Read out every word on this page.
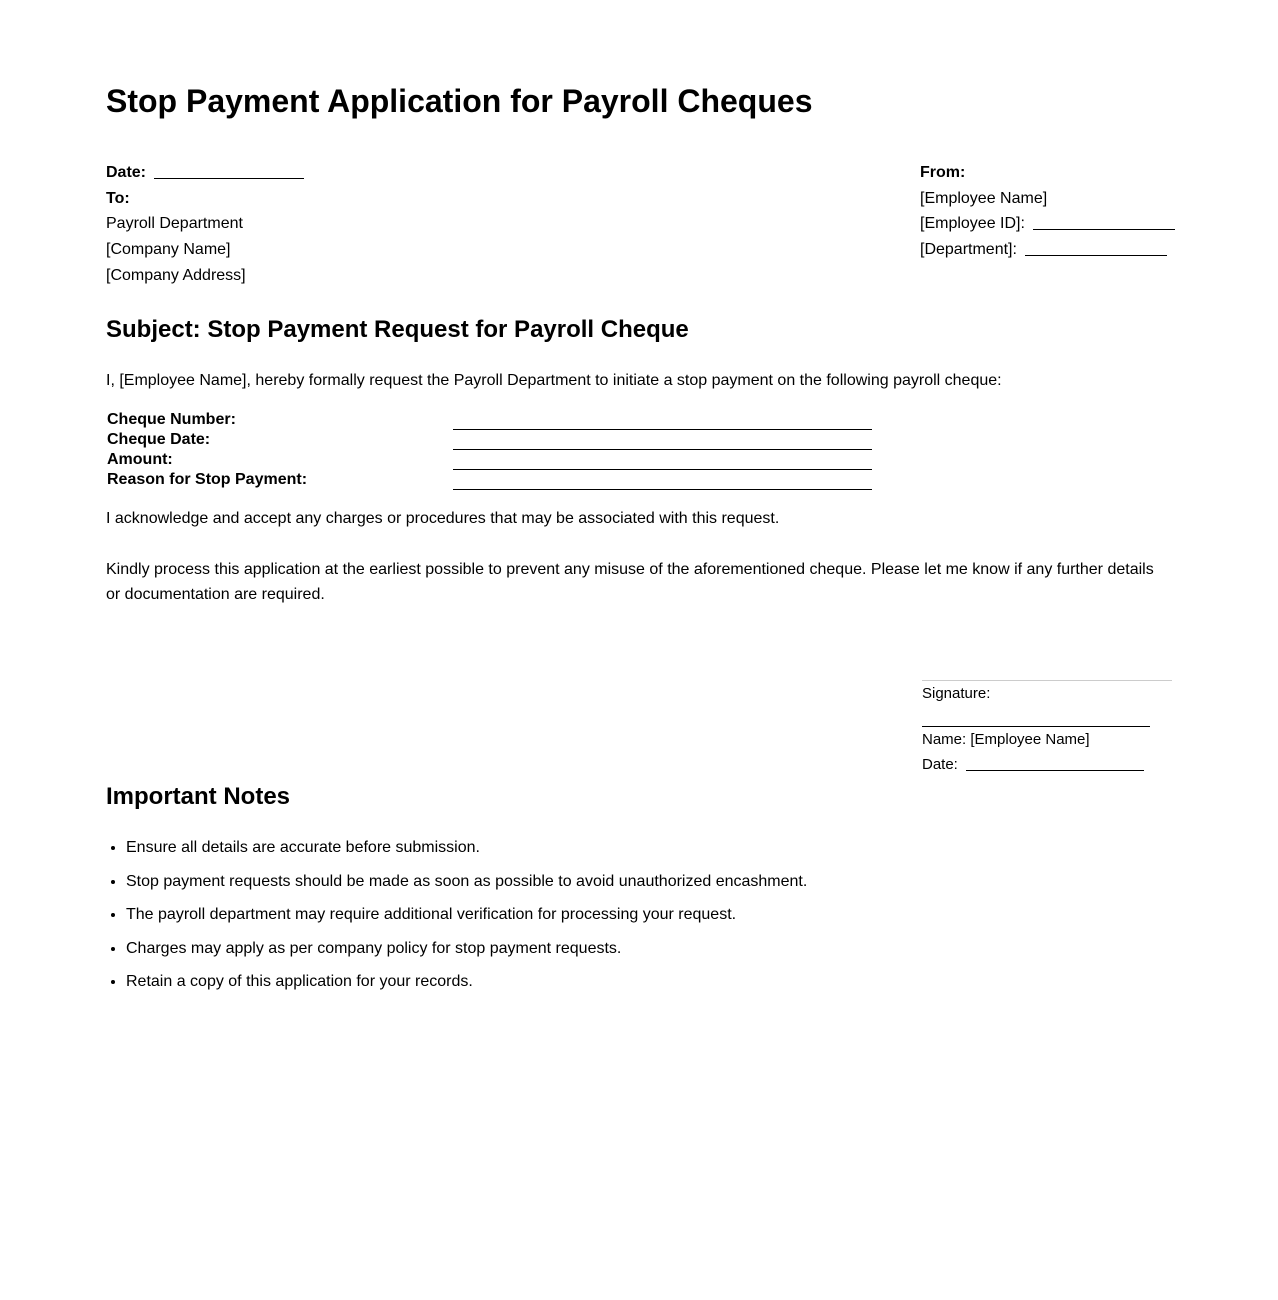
Stop Payment Application for Payroll Cheques
Date:
To:
Payroll Department
[Company Name]
[Company Address]
From:
[Employee Name]
[Employee ID]:
[Department]:
Subject: Stop Payment Request for Payroll Cheque

I, [Employee Name], hereby formally request the Payroll Department to initiate a stop payment on the following payroll cheque:

Cheque Number:	

Cheque Date:	

Amount:	

Reason for Stop Payment:	

I acknowledge and accept any charges or procedures that may be associated with this request.

Kindly process this application at the earliest possible to prevent any misuse of the aforementioned cheque. Please let me know if any further details or documentation are required.

Signature:
Name: [Employee Name]
Date:
Important Notes
• Ensure all details are accurate before submission.
• Stop payment requests should be made as soon as possible to avoid unauthorized encashment.
• The payroll department may require additional verification for processing your request.
• Charges may apply as per company policy for stop payment requests.
• Retain a copy of this application for your records.
